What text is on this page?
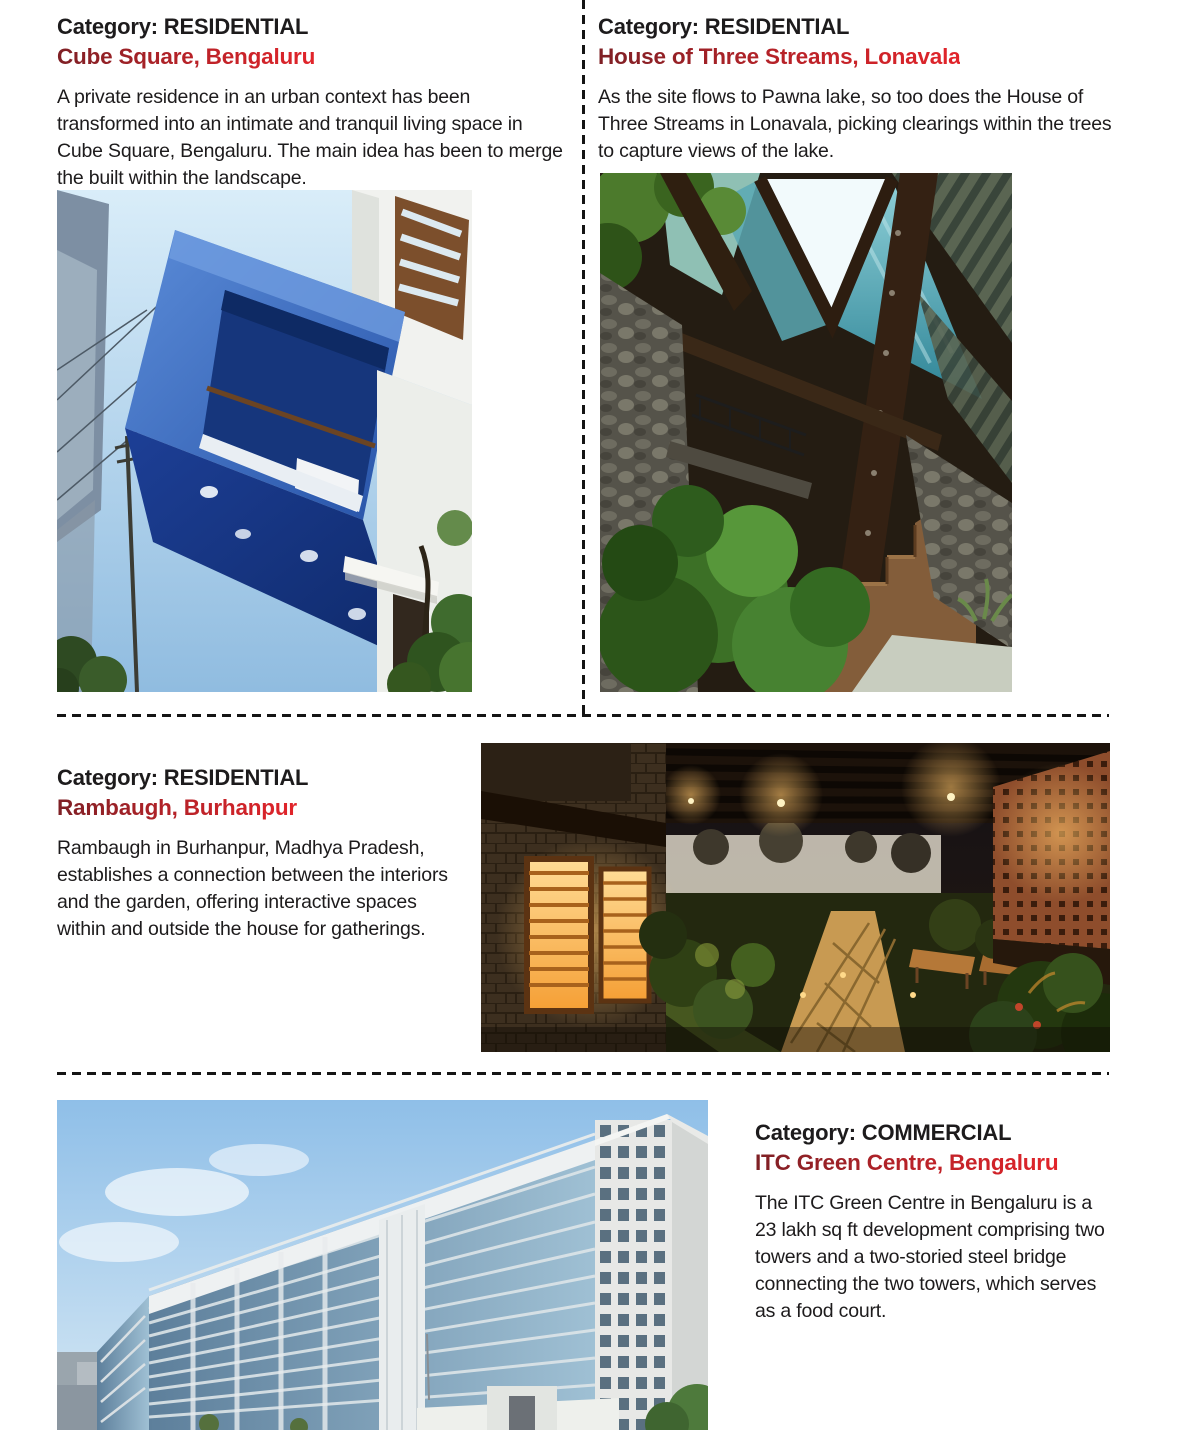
Category: RESIDENTIAL
Cube Square, Bengaluru

A private residence in an urban context has been transformed into an intimate and tranquil living space in Cube Square, Bengaluru. The main idea has been to merge the built within the landscape.

Category: RESIDENTIAL
House of Three Streams, Lonavala

As the site flows to Pawna lake, so too does the House of Three Streams in Lonavala, picking clearings within the trees to capture views of the lake.

Category: RESIDENTIAL
Rambaugh, Burhanpur

Rambaugh in Burhanpur, Madhya Pradesh, establishes a connection between the interiors and the garden, offering interactive spaces within and outside the house for gatherings.

Category: COMMERCIAL
ITC Green Centre, Bengaluru

The ITC Green Centre in Bengaluru is a 23 lakh sq ft development comprising two towers and a two-storied steel bridge connecting the two towers, which serves as a food court.
